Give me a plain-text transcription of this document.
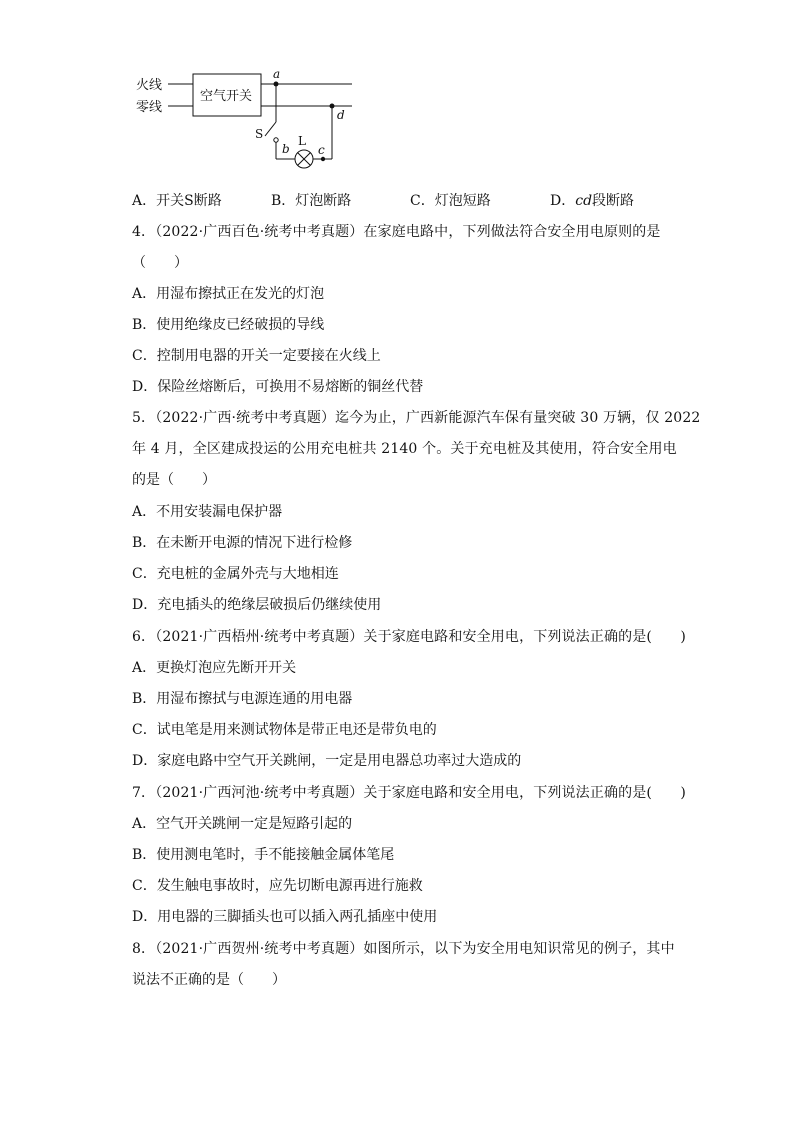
火线
零线
空气开关
a
d
S
b
L
c
A．开关S断路	B．灯泡断路	C．灯泡短路	D．cd段断路
4．（2022·广西百色·统考中考真题）在家庭电路中，下列做法符合安全用电原则的是
（　　）
A．用湿布擦拭正在发光的灯泡
B．使用绝缘皮已经破损的导线
C．控制用电器的开关一定要接在火线上
D．保险丝熔断后，可换用不易熔断的铜丝代替
5．（2022·广西·统考中考真题）迄今为止，广西新能源汽车保有量突破 30 万辆，仅 2022
年 4 月，全区建成投运的公用充电桩共 2140 个。关于充电桩及其使用，符合安全用电
的是（　　）
A．不用安装漏电保护器
B．在未断开电源的情况下进行检修
C．充电桩的金属外壳与大地相连
D．充电插头的绝缘层破损后仍继续使用
6．（2021·广西梧州·统考中考真题）关于家庭电路和安全用电，下列说法正确的是(　　)
A．更换灯泡应先断开开关
B．用湿布擦拭与电源连通的用电器
C．试电笔是用来测试物体是带正电还是带负电的
D．家庭电路中空气开关跳闸，一定是用电器总功率过大造成的
7．（2021·广西河池·统考中考真题）关于家庭电路和安全用电，下列说法正确的是(　　)
A．空气开关跳闸一定是短路引起的
B．使用测电笔时，手不能接触金属体笔尾
C．发生触电事故时，应先切断电源再进行施救
D．用电器的三脚插头也可以插入两孔插座中使用
8．（2021·广西贺州·统考中考真题）如图所示，以下为安全用电知识常见的例子，其中
说法不正确的是（　　）
